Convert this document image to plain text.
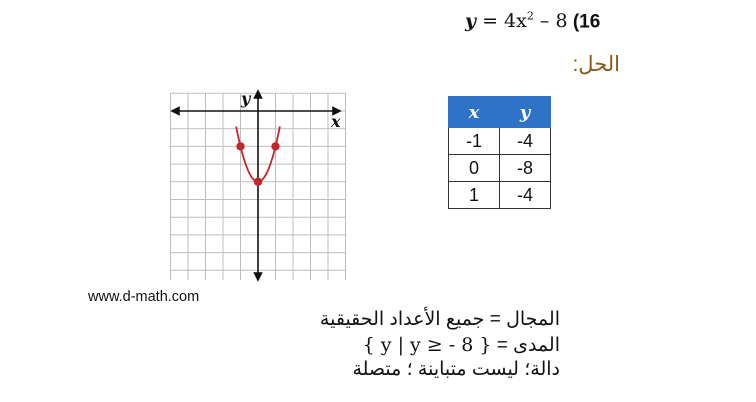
$y = 4x^2 - 8$ (16
الحل:
x
y
x	y
-1	-4
0	-8
1	-4
www.d-math.com
المجال = جميع الأعداد الحقيقية
المدى = { y | y ≥ - 8 }
دالة؛ ليست متباينة ؛ متصلة
